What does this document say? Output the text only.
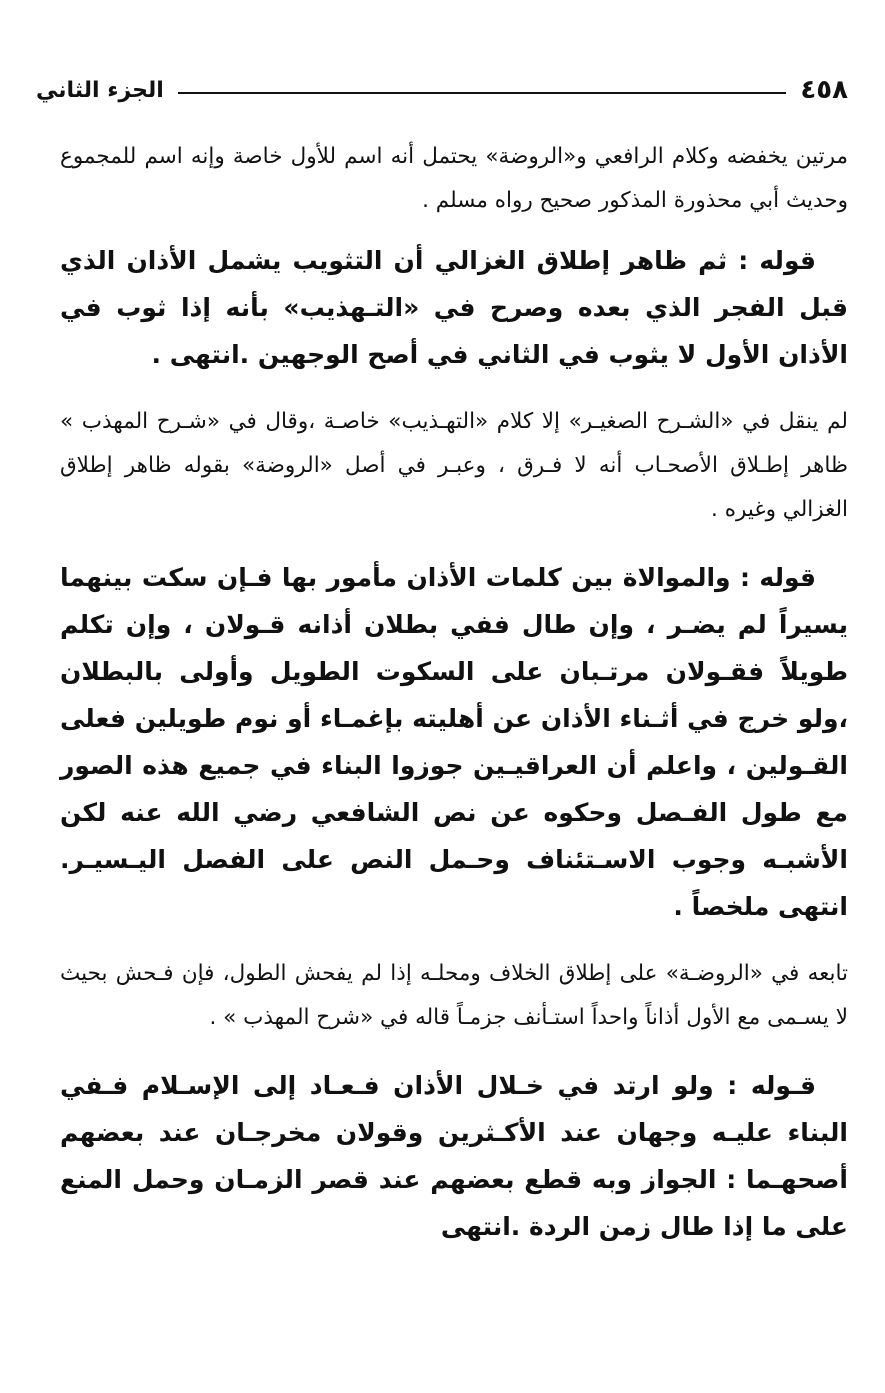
٤٥٨
الجزء الثاني

مرتين يخفضه وكلام الرافعي و«الروضة» يحتمل أنه اسم للأول خاصة وإنه اسم للمجموع وحديث أبي محذورة المذكور صحيح رواه مسلم .

قوله : ثم ظاهر إطلاق الغزالي أن التثويب يشمل الأذان الذي قبل الفجر الذي بعده وصرح في «التـهذيب» بأنه إذا ثوب في الأذان الأول لا يثوب في الثاني في أصح الوجهين .انتهى .

لم ينقل في «الشـرح الصغيـر» إلا كلام «التهـذيب» خاصـة ،وقال في «شـرح المهذب » ظاهر إطـلاق الأصحـاب أنه لا فـرق ، وعبـر في أصل «الروضة» بقوله ظاهر إطلاق الغزالي وغيره .

قوله : والموالاة بين كلمات الأذان مأمور بها فـإن سكت بينهما يسيراً لم يضـر ، وإن طال ففي بطلان أذانه قـولان ، وإن تكلم طويلاً فقـولان مرتـبان على السكوت الطويل وأولى بالبطلان ،ولو خرج في أثـناء الأذان عن أهليته بإغمـاء أو نوم طويلين فعلى القـولين ، واعلم أن العراقيـين جوزوا البناء في جميع هذه الصور مع طول الفـصل وحكوه عن نص الشافعي رضي الله عنه لكن الأشبـه وجوب الاسـتئناف وحـمل النص على الفصل اليـسيـر. انتهى ملخصاً .

تابعه في «الروضـة» على إطلاق الخلاف ومحلـه إذا لم يفحش الطول، فإن فـحش بحيث لا يسـمى مع الأول أذاناً واحداً استـأنف جزمـاً قاله في «شرح المهذب » .

قـوله : ولو ارتد في خـلال الأذان فـعـاد إلى الإسـلام فـفي البناء عليـه وجهان عند الأكـثرين وقولان مخرجـان عند بعضهم أصحهـما : الجواز وبه قطع بعضهم عند قصر الزمـان وحمل المنع على ما إذا طال زمن الردة .انتهى
